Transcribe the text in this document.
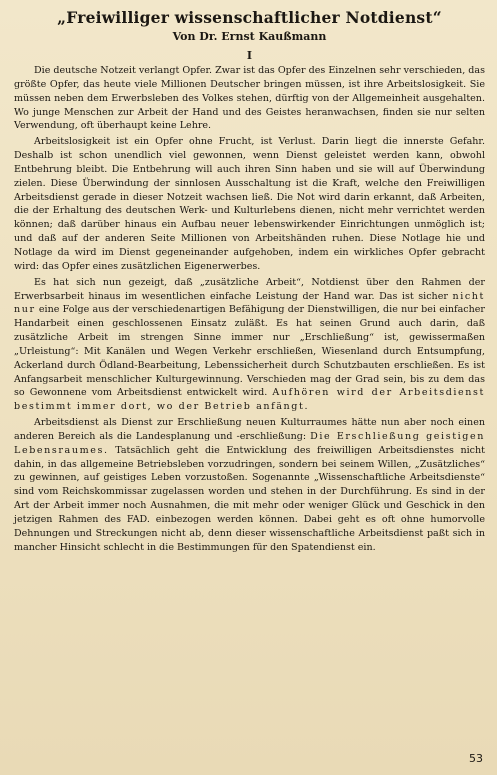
„Freiwilliger wissenschaftlicher Notdienst“
Von Dr. Ernst Kaußmann
I

Die deutsche Notzeit verlangt Opfer. Zwar ist das Opfer des Einzelnen sehr verschieden, das größte Opfer, das heute viele Millionen Deutscher bringen müssen, ist ihre Arbeitslosigkeit. Sie müssen neben dem Erwerbsleben des Volkes stehen, dürftig von der Allgemeinheit ausgehalten. Wo junge Menschen zur Arbeit der Hand und des Geistes heranwachsen, finden sie nur selten Verwendung, oft überhaupt keine Lehre.

Arbeitslosigkeit ist ein Opfer ohne Frucht, ist Verlust. Darin liegt die innerste Gefahr. Deshalb ist schon unendlich viel gewonnen, wenn Dienst geleistet werden kann, obwohl Entbehrung bleibt. Die Entbehrung will auch ihren Sinn haben und sie will auf Überwindung zielen. Diese Überwindung der sinnlosen Ausschaltung ist die Kraft, welche den Freiwilligen Arbeitsdienst gerade in dieser Notzeit wachsen ließ. Die Not wird darin erkannt, daß Arbeiten, die der Erhaltung des deutschen Werk- und Kulturlebens dienen, nicht mehr verrichtet werden können; daß darüber hinaus ein Aufbau neuer lebenswirkender Einrichtungen unmöglich ist; und daß auf der anderen Seite Millionen von Arbeitshänden ruhen. Diese Notlage hie und Notlage da wird im Dienst gegeneinander aufgehoben, indem ein wirkliches Opfer gebracht wird: das Opfer eines zusätzlichen Eigenerwerbes.

Es hat sich nun gezeigt, daß „zusätzliche Arbeit“, Notdienst über den Rahmen der Erwerbsarbeit hinaus im wesentlichen einfache Leistung der Hand war. Das ist sicher nicht nur eine Folge aus der verschiedenartigen Befähigung der Dienstwilligen, die nur bei einfacher Handarbeit einen geschlossenen Einsatz zuläßt. Es hat seinen Grund auch darin, daß zusätzliche Arbeit im strengen Sinne immer nur „Erschließung“ ist, gewissermaßen „Urleistung“: Mit Kanälen und Wegen Verkehr erschließen, Wiesenland durch Entsumpfung, Ackerland durch Ödland-Bearbeitung, Lebenssicherheit durch Schutzbauten erschließen. Es ist Anfangsarbeit menschlicher Kulturgewinnung. Verschieden mag der Grad sein, bis zu dem das so Gewonnene vom Arbeitsdienst entwickelt wird. Aufhören wird der Arbeitsdienst bestimmt immer dort, wo der Betrieb anfängt.

Arbeitsdienst als Dienst zur Erschließung neuen Kulturraumes hätte nun aber noch einen anderen Bereich als die Landesplanung und -erschließung: Die Erschließung geistigen Lebensraumes. Tatsächlich geht die Entwicklung des freiwilligen Arbeitsdienstes nicht dahin, in das allgemeine Betriebsleben vorzudringen, sondern bei seinem Willen, „Zusätzliches“ zu gewinnen, auf geistiges Leben vorzustoßen. Sogenannte „Wissenschaftliche Arbeitsdienste“ sind vom Reichskommissar zugelassen worden und stehen in der Durchführung. Es sind in der Art der Arbeit immer noch Ausnahmen, die mit mehr oder weniger Glück und Geschick in den jetzigen Rahmen des FAD. einbezogen werden können. Dabei geht es oft ohne humorvolle Dehnungen und Streckungen nicht ab, denn dieser wissenschaftliche Arbeitsdienst paßt sich in mancher Hinsicht schlecht in die Bestimmungen für den Spatendienst ein.

53
